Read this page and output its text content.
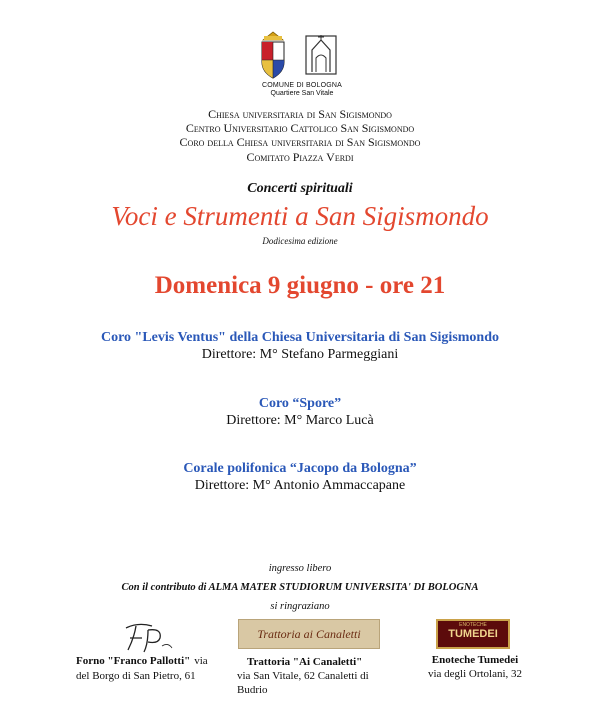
COMUNE DI BOLOGNA
Quartiere San Vitale
Chiesa universitaria di San Sigismondo
Centro Universitario Cattolico San Sigismondo
Coro della Chiesa universitaria di San Sigismondo
Comitato Piazza Verdi
Concerti spirituali
Voci e Strumenti a San Sigismondo
Dodicesima edizione
Domenica 9 giugno - ore 21
Coro "Levis Ventus" della Chiesa Universitaria di San Sigismondo
Direttore: M° Stefano Parmeggiani
Coro “Spore”
Direttore: M° Marco Lucà
Corale polifonica “Jacopo da Bologna”
Direttore: M° Antonio Ammaccapane
ingresso libero
Con il contributo di ALMA MATER STUDIORUM UNIVERSITA' DI BOLOGNA
si ringraziano
Trattoria ai Canaletti
ENOTECHE
TUMEDEI
Forno "Franco Pallotti" via
del Borgo di San Pietro, 61
Trattoria "Ai Canaletti"
via San Vitale, 62 Canaletti di
Budrio
Enoteche Tumedei
via degli Ortolani, 32
